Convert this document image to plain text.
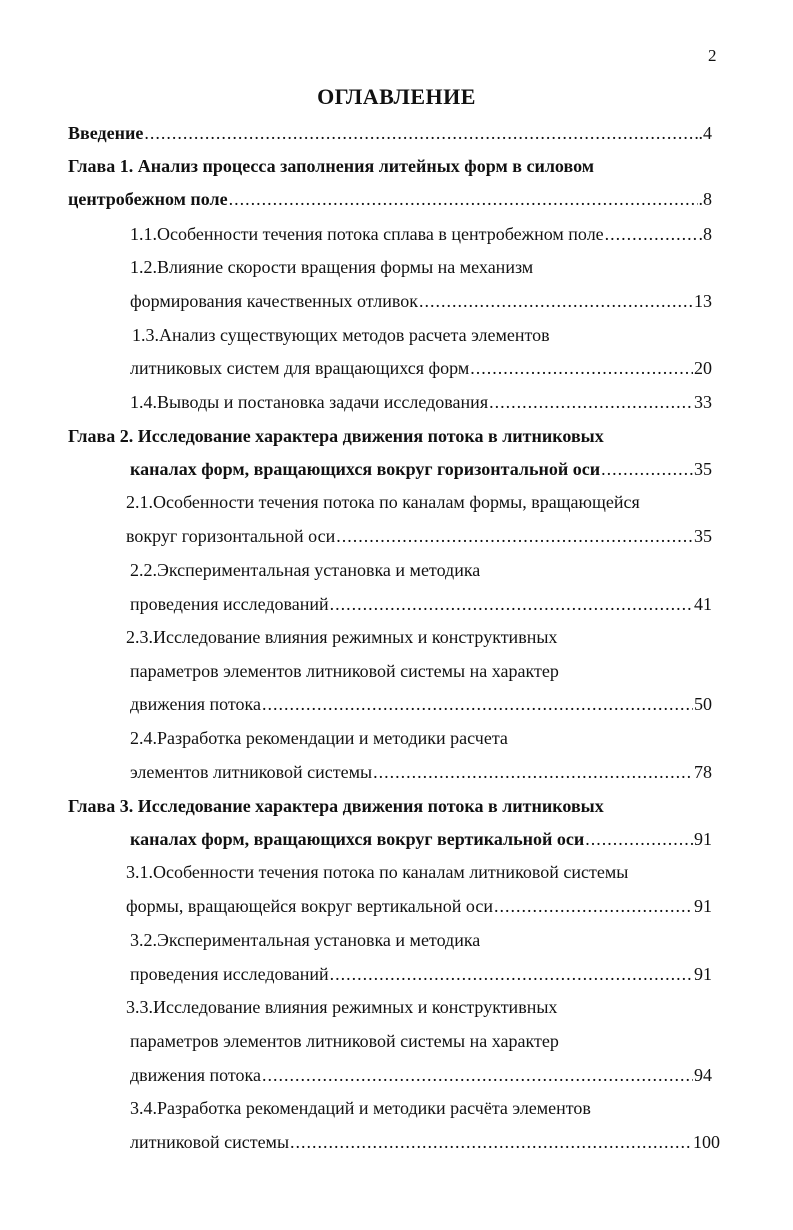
2
ОГЛАВЛЕНИЕ
Введение .....	.4
Глава 1. Анализ процесса заполнения литейных форм в силовом
центробежном поле .....	.8
1.1.Особенности течения потока сплава в центробежном поле .....	.8
1.2.Влияние скорости вращения формы на механизм
формирования качественных отливок .....	13
1.3.Анализ существующих методов расчета элементов
литниковых систем для вращающихся форм .....	20
1.4.Выводы и постановка задачи исследования .....	33
Глава 2. Исследование характера движения потока в литниковых
каналах форм, вращающихся вокруг горизонтальной оси .....	35
2.1.Особенности течения потока по каналам формы, вращающейся
вокруг горизонтальной оси .....	35
2.2.Экспериментальная установка и методика
проведения исследований .....	41
2.3.Исследование влияния режимных и конструктивных
параметров элементов литниковой системы на характер
движения потока .....	50
2.4.Разработка рекомендации и методики расчета
элементов литниковой системы .....	78
Глава 3. Исследование характера движения потока в литниковых
каналах форм, вращающихся вокруг вертикальной оси .....	91
3.1.Особенности течения потока по каналам литниковой системы
формы, вращающейся вокруг вертикальной оси .....	91
3.2.Экспериментальная установка и методика
проведения исследований .....	91
3.3.Исследование влияния режимных и конструктивных
параметров элементов литниковой системы на характер
движения потока .....	94
3.4.Разработка рекомендаций и методики расчёта элементов
литниковой системы .....	100
